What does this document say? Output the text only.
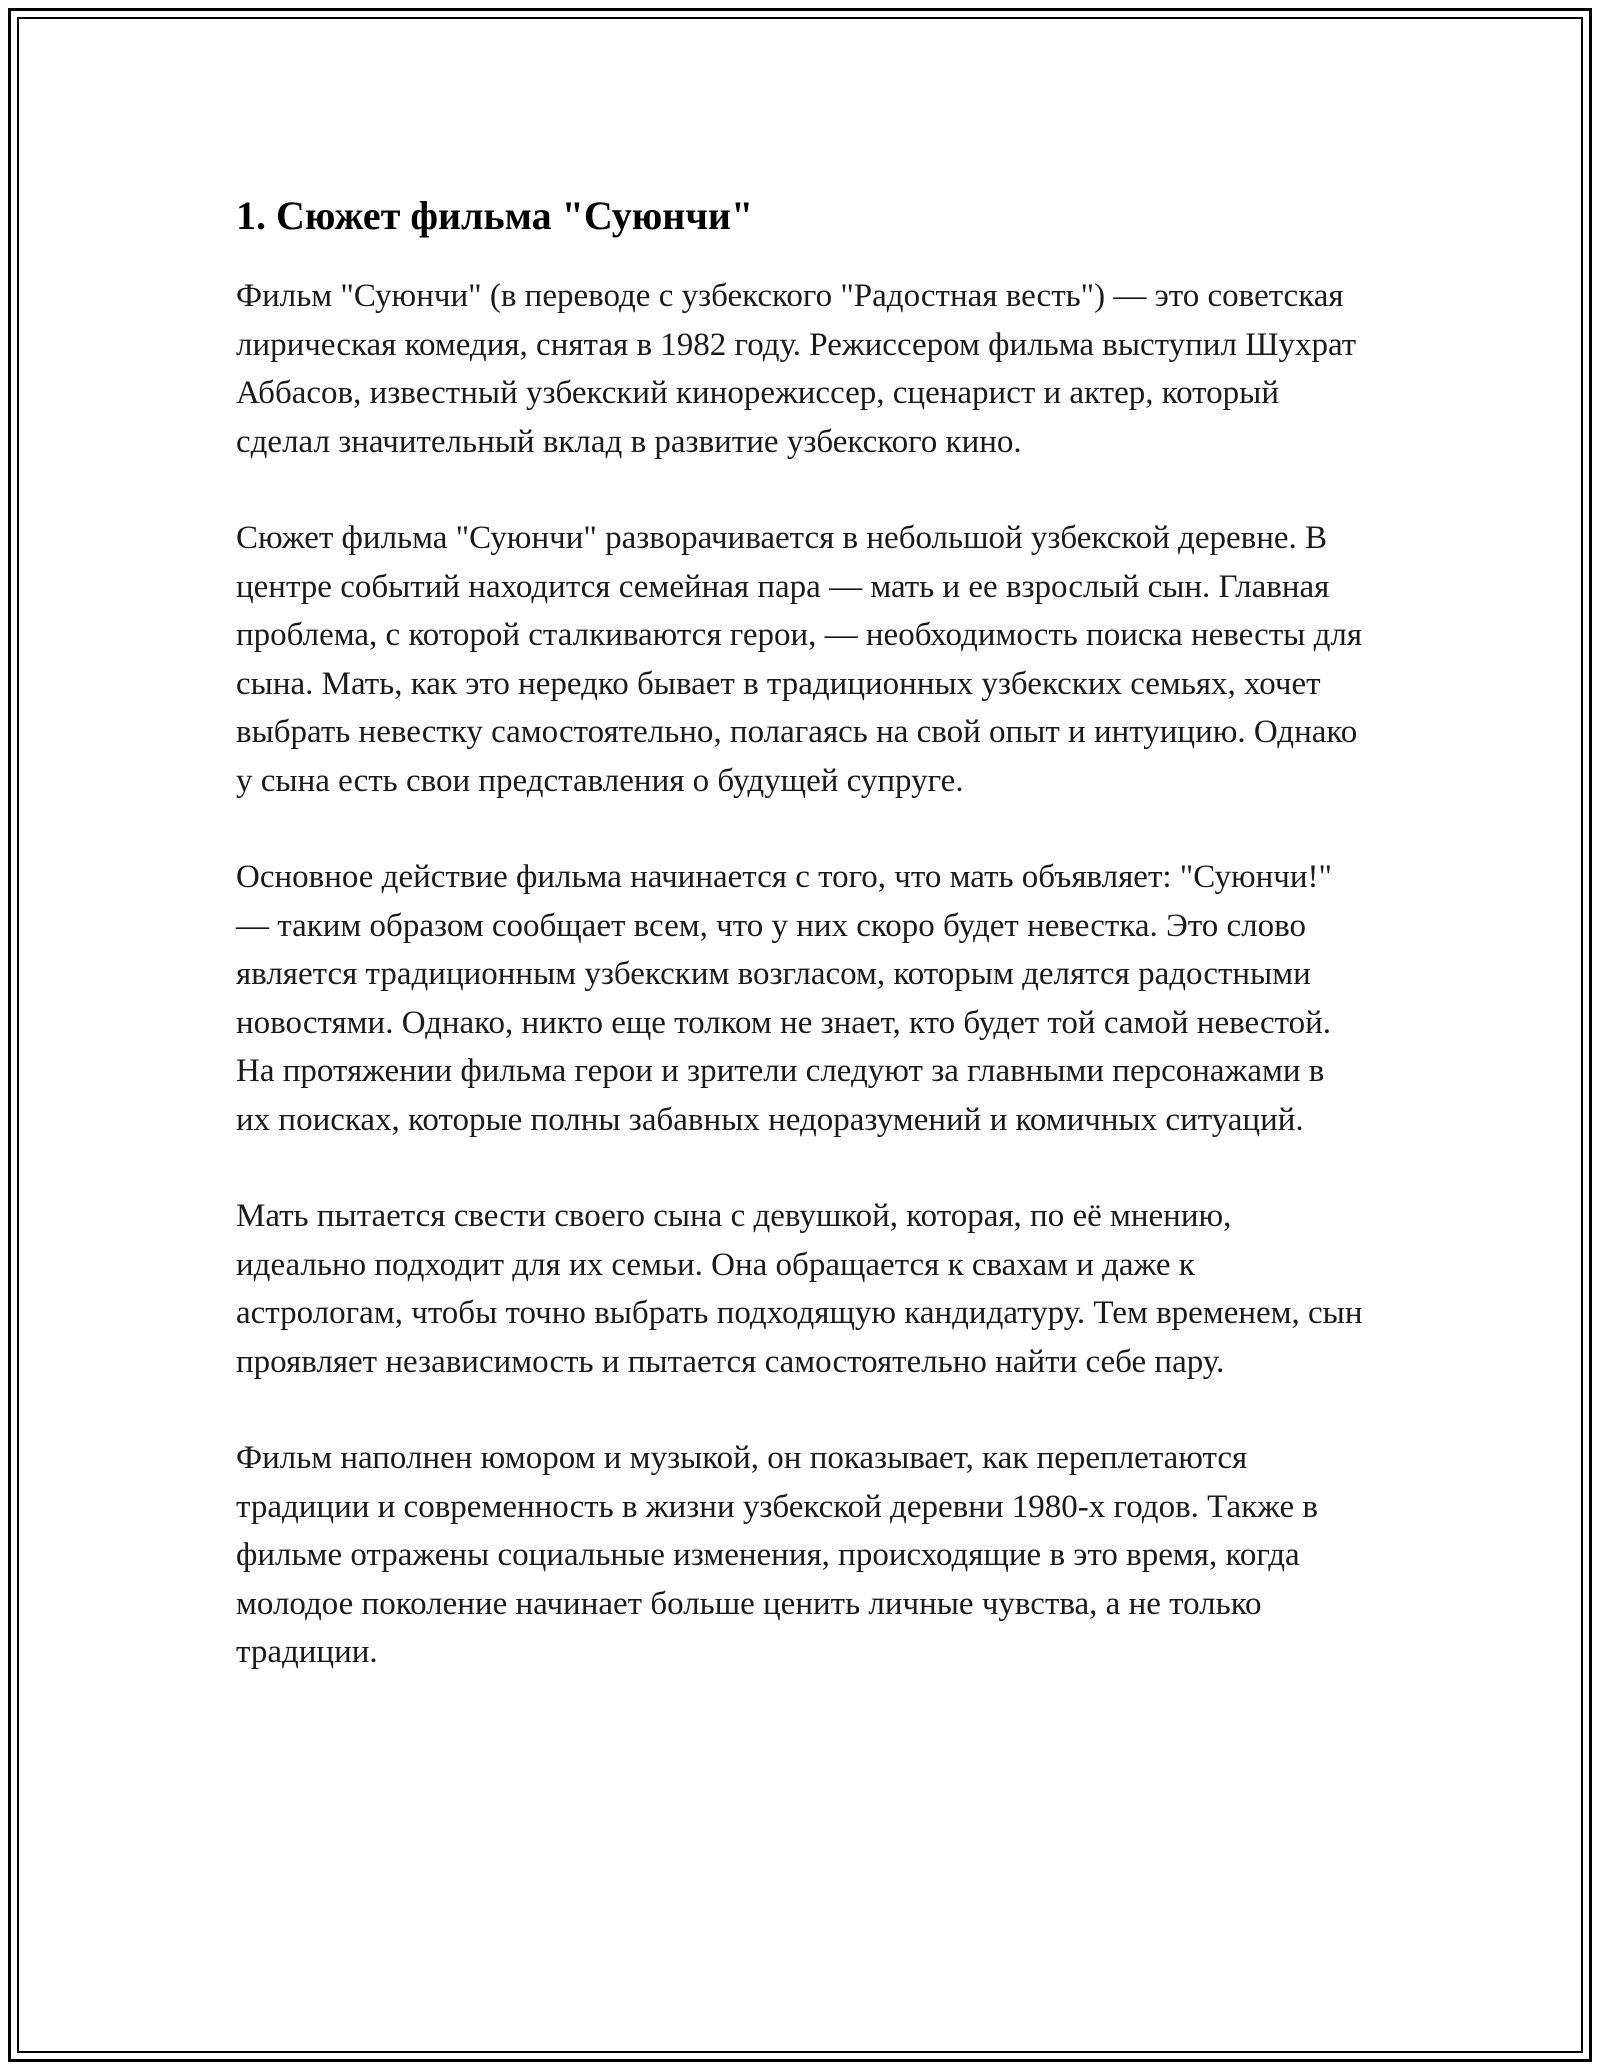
1. Сюжет фильма "Суюнчи"

Фильм "Суюнчи" (в переводе с узбекского "Радостная весть") — это советская лирическая комедия, снятая в 1982 году. Режиссером фильма выступил Шухрат Аббасов, известный узбекский кинорежиссер, сценарист и актер, который сделал значительный вклад в развитие узбекского кино.

Сюжет фильма "Суюнчи" разворачивается в небольшой узбекской деревне. В центре событий находится семейная пара — мать и ее взрослый сын. Главная проблема, с которой сталкиваются герои, — необходимость поиска невесты для сына. Мать, как это нередко бывает в традиционных узбекских семьях, хочет выбрать невестку самостоятельно, полагаясь на свой опыт и интуицию. Однако у сына есть свои представления о будущей супруге.

Основное действие фильма начинается с того, что мать объявляет: "Суюнчи!" — таким образом сообщает всем, что у них скоро будет невестка. Это слово является традиционным узбекским возгласом, которым делятся радостными новостями. Однако, никто еще толком не знает, кто будет той самой невестой. На протяжении фильма герои и зрители следуют за главными персонажами в их поисках, которые полны забавных недоразумений и комичных ситуаций.

Мать пытается свести своего сына с девушкой, которая, по её мнению, идеально подходит для их семьи. Она обращается к свахам и даже к астрологам, чтобы точно выбрать подходящую кандидатуру. Тем временем, сын проявляет независимость и пытается самостоятельно найти себе пару.

Фильм наполнен юмором и музыкой, он показывает, как переплетаются традиции и современность в жизни узбекской деревни 1980-х годов. Также в фильме отражены социальные изменения, происходящие в это время, когда молодое поколение начинает больше ценить личные чувства, а не только традиции.
